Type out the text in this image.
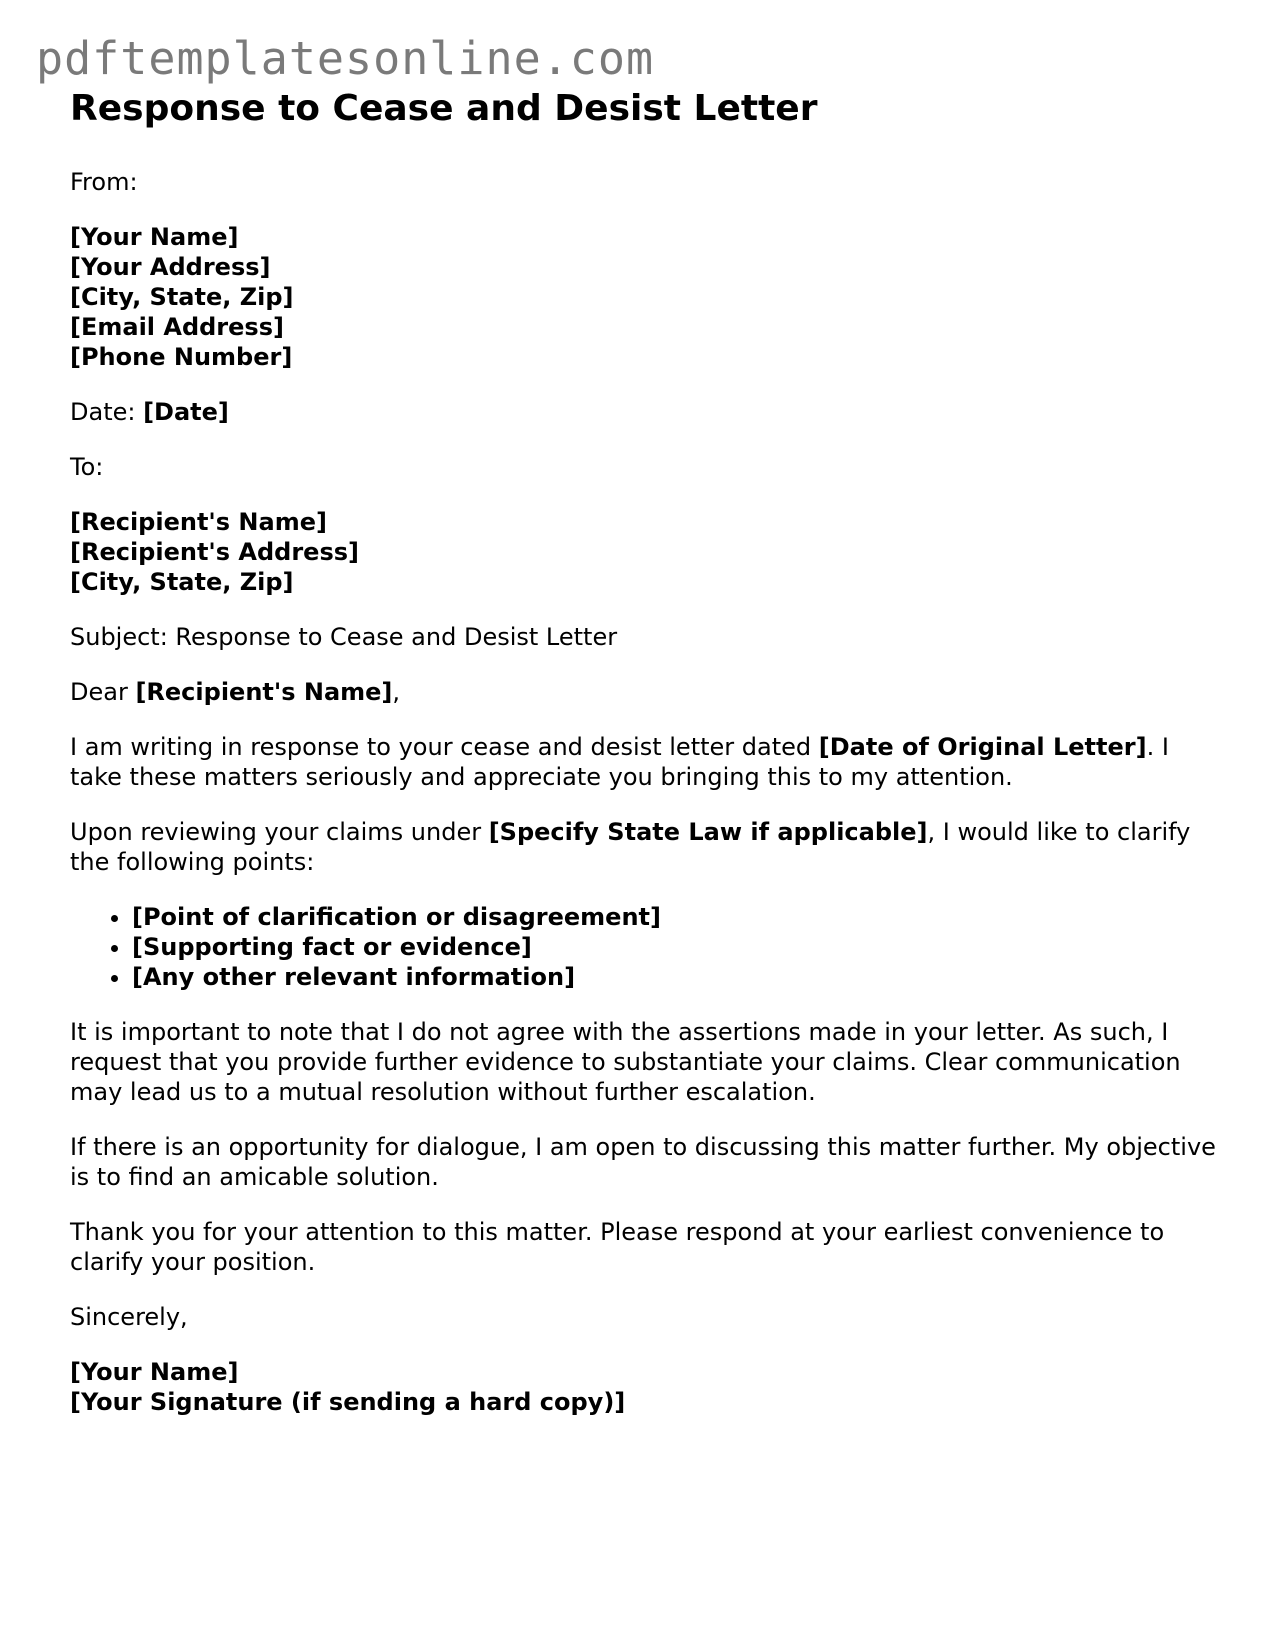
pdftemplatesonline.com
Response to Cease and Desist Letter

From:

[Your Name]
[Your Address]
[City, State, Zip]
[Email Address]
[Phone Number]

Date: [Date]

To:

[Recipient's Name]
[Recipient's Address]
[City, State, Zip]

Subject: Response to Cease and Desist Letter

Dear [Recipient's Name],

I am writing in response to your cease and desist letter dated [Date of Original Letter]. I take these matters seriously and appreciate you bringing this to my attention.

Upon reviewing your claims under [Specify State Law if applicable], I would like to clarify the following points:

• [Point of clarification or disagreement]
• [Supporting fact or evidence]
• [Any other relevant information]

It is important to note that I do not agree with the assertions made in your letter. As such, I request that you provide further evidence to substantiate your claims. Clear communication may lead us to a mutual resolution without further escalation.

If there is an opportunity for dialogue, I am open to discussing this matter further. My objective is to find an amicable solution.

Thank you for your attention to this matter. Please respond at your earliest convenience to clarify your position.

Sincerely,

[Your Name]
[Your Signature (if sending a hard copy)]
